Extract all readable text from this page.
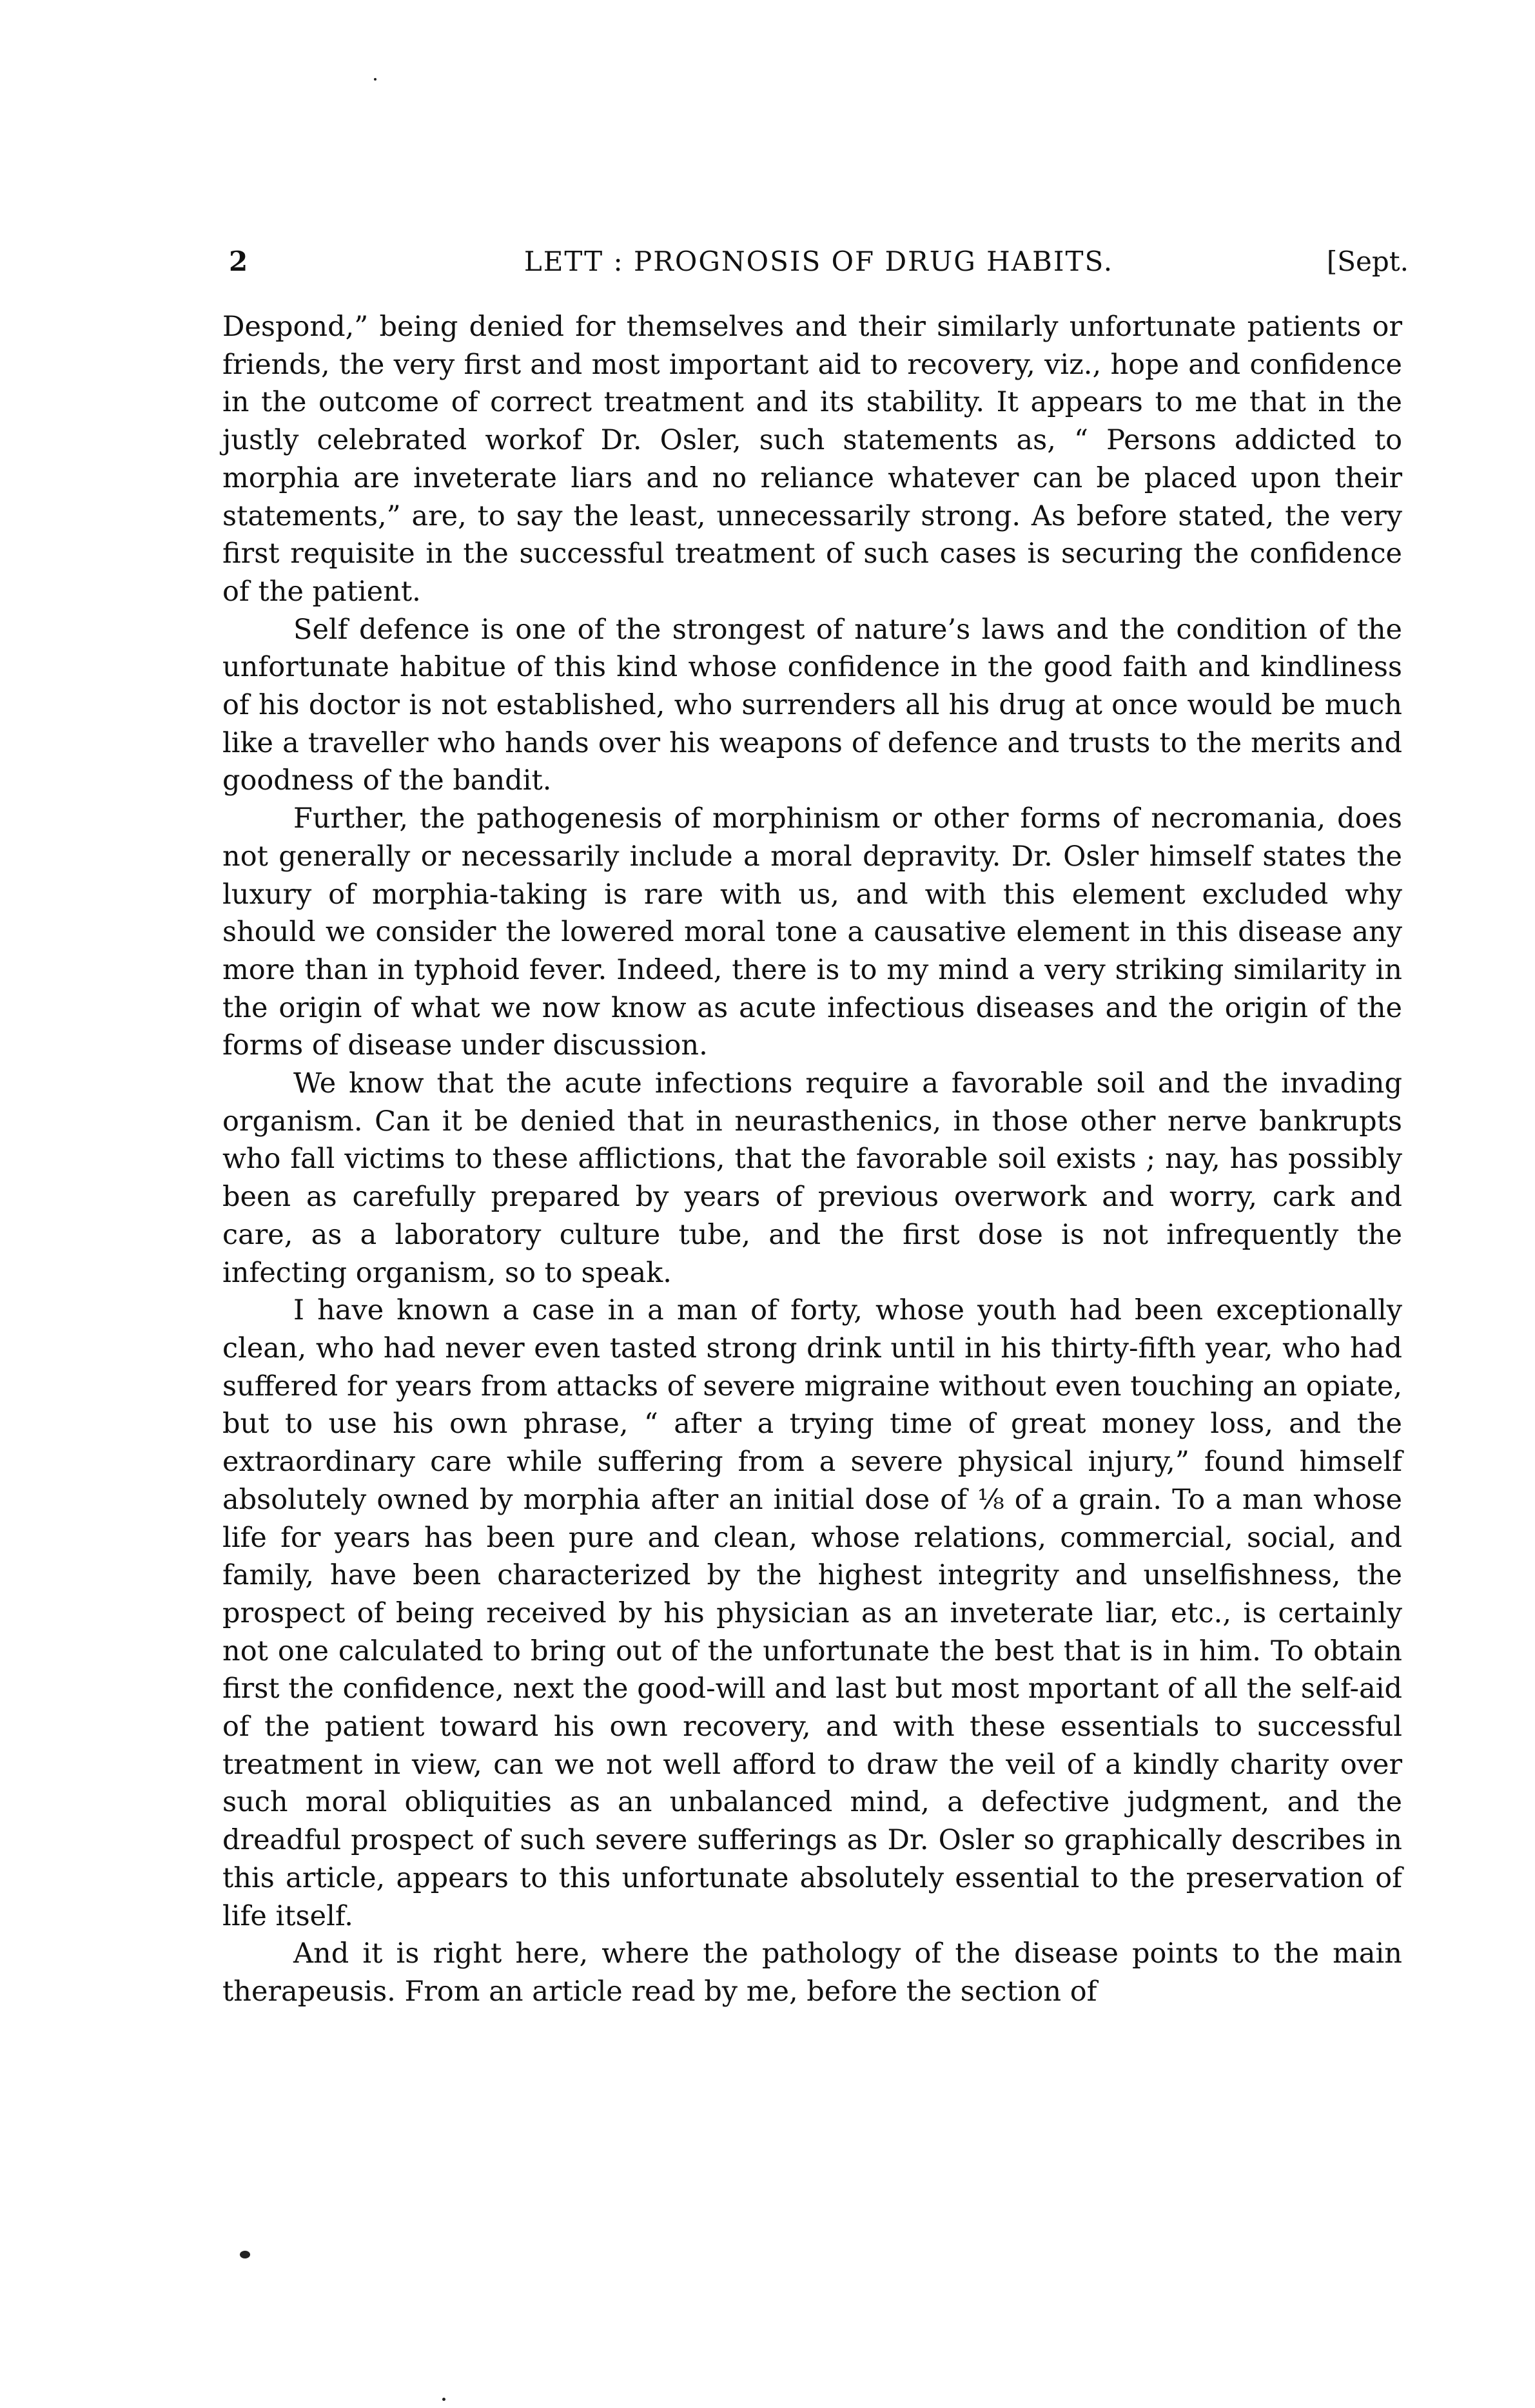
2	LETT : PROGNOSIS OF DRUG HABITS.	[Sept.

Despond,” being denied for themselves and their similarly unfortunate patients or friends, the very first and most important aid to recovery, viz., hope and confidence in the outcome of correct treatment and its stability. It appears to me that in the justly celebrated workof Dr. Osler, such statements as, “ Persons addicted to morphia are inveterate liars and no reliance whatever can be placed upon their statements,” are, to say the least, unnecessarily strong. As before stated, the very first requisite in the successful treatment of such cases is securing the confidence of the patient.

Self defence is one of the strongest of nature’s laws and the condition of the unfortunate habitue of this kind whose confidence in the good faith and kindliness of his doctor is not established, who surrenders all his drug at once would be much like a traveller who hands over his weapons of defence and trusts to the merits and goodness of the bandit.

Further, the pathogenesis of morphinism or other forms of necromania, does not generally or necessarily include a moral depravity. Dr. Osler himself states the luxury of morphia-taking is rare with us, and with this element excluded why should we consider the lowered moral tone a causative element in this disease any more than in typhoid fever. Indeed, there is to my mind a very striking similarity in the origin of what we now know as acute infectious diseases and the origin of the forms of disease under discussion.

We know that the acute infections require a favorable soil and the invading organism. Can it be denied that in neurasthenics, in those other nerve bankrupts who fall victims to these afflictions, that the favorable soil exists ; nay, has possibly been as carefully prepared by years of previous overwork and worry, cark and care, as a laboratory culture tube, and the first dose is not infrequently the infecting organism, so to speak.

I have known a case in a man of forty, whose youth had been exceptionally clean, who had never even tasted strong drink until in his thirty-fifth year, who had suffered for years from attacks of severe migraine without even touching an opiate, but to use his own phrase, “ after a trying time of great money loss, and the extraordinary care while suffering from a severe physical injury,” found himself absolutely owned by morphia after an initial dose of ⅛ of a grain. To a man whose life for years has been pure and clean, whose relations, commercial, social, and family, have been characterized by the highest integrity and unselfishness, the prospect of being received by his physician as an inveterate liar, etc., is certainly not one calculated to bring out of the unfortunate the best that is in him. To obtain first the confidence, next the good-will and last but most mportant of all the self-aid of the patient toward his own recovery, and with these essentials to successful treatment in view, can we not well afford to draw the veil of a kindly charity over such moral obliquities as an unbalanced mind, a defective judgment, and the dreadful prospect of such severe sufferings as Dr. Osler so graphically describes in this article, appears to this unfortunate absolutely essential to the preservation of life itself.

And it is right here, where the pathology of the disease points to the main therapeusis. From an article read by me, before the section of
